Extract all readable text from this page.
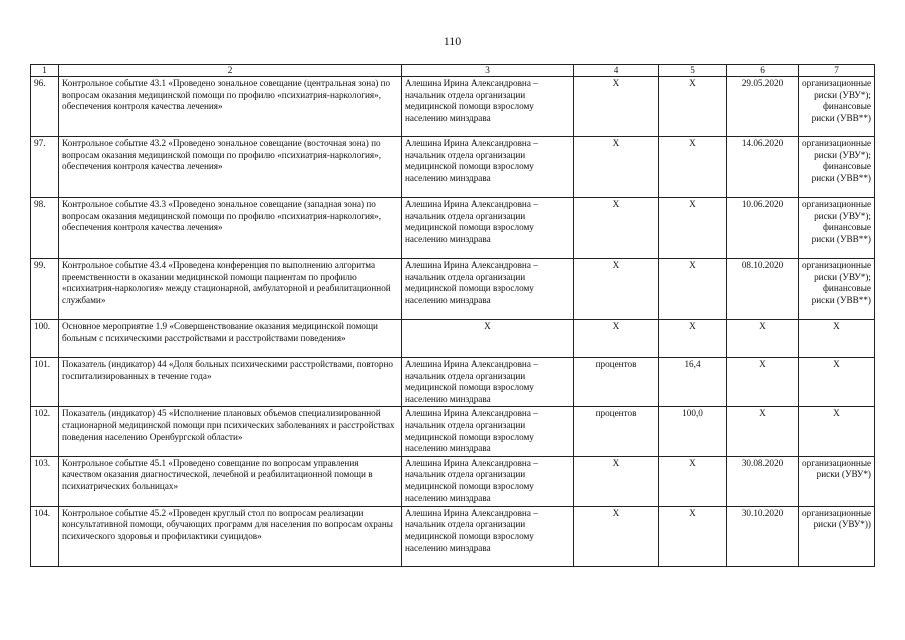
110
1	2	3	4	5	6	7
96.	Контрольное событие 43.1 «Проведено зональное совещание (центральная зона) по вопросам оказания медицинской помощи по профилю «психиатрия-наркология», обеспечения контроля качества лечения»	Алешина Ирина Александровна – начальник отдела организации медицинской помощи взрослому населению минздрава	Х	Х	29.05.2020	организационные риски (УВУ*); финансовые риски (УВВ**)
97.	Контрольное событие 43.2 «Проведено зональное совещание (восточная зона) по вопросам оказания медицинской помощи по профилю «психиатрия-наркология», обеспечения контроля качества лечения»	Алешина Ирина Александровна – начальник отдела организации медицинской помощи взрослому населению минздрава	Х	Х	14.06.2020	организационные риски (УВУ*); финансовые риски (УВВ**)
98.	Контрольное событие 43.3 «Проведено зональное совещание (западная зона) по вопросам оказания медицинской помощи по профилю «психиатрия-наркология», обеспечения контроля качества лечения»	Алешина Ирина Александровна – начальник отдела организации медицинской помощи взрослому населению минздрава	Х	Х	10.06.2020	организационные риски (УВУ*); финансовые риски (УВВ**)
99.	Контрольное событие 43.4 «Проведена конференция по выполнению алгоритма преемственности в оказании медицинской помощи пациентам по профилю «психиатрия-наркология» между стационарной, амбулаторной и реабилитационной службами»	Алешина Ирина Александровна – начальник отдела организации медицинской помощи взрослому населению минздрава	Х	Х	08.10.2020	организационные риски (УВУ*); финансовые риски (УВВ**)
100.	Основное мероприятие 1.9 «Совершенствование оказания медицинской помощи больным с психическими расстройствами и расстройствами поведения»	Х	Х	Х	Х	Х
101.	Показатель (индикатор) 44 «Доля больных психическими расстройствами, повторно госпитализированных в течение года»	Алешина Ирина Александровна – начальник отдела организации медицинской помощи взрослому населению минздрава	процентов	16,4	Х	Х
102.	Показатель (индикатор) 45 «Исполнение плановых объемов специализированной стационарной медицинской помощи при психических заболеваниях и расстройствах поведения населению Оренбургской области»	Алешина Ирина Александровна – начальник отдела организации медицинской помощи взрослому населению минздрава	процентов	100,0	Х	Х
103.	Контрольное событие 45.1 «Проведено совещание по вопросам управления качеством оказания диагностической, лечебной и реабилитационной помощи в психиатрических больницах»	Алешина Ирина Александровна – начальник отдела организации медицинской помощи взрослому населению минздрава	Х	Х	30.08.2020	организационные риски (УВУ*)
104.	Контрольное событие 45.2 «Проведен круглый стол по вопросам реализации консультативной помощи, обучающих программ для населения по вопросам охраны психического здоровья и профилактики суицидов»	Алешина Ирина Александровна – начальник отдела организации медицинской помощи взрослому населению минздрава	Х	Х	30.10.2020	организационные риски (УВУ*))
